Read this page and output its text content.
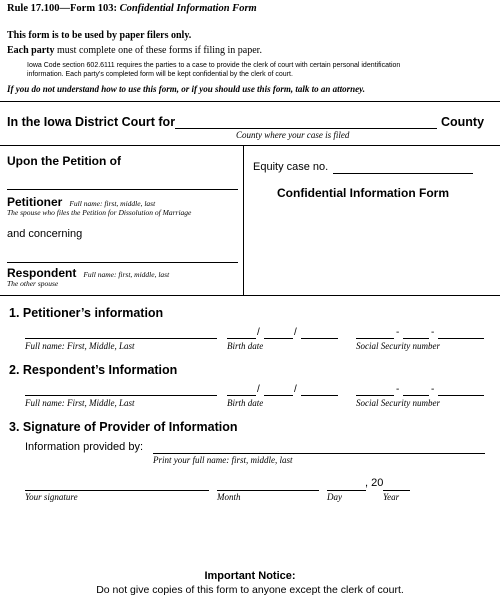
Rule 17.100—Form 103: Confidential Information Form
This form is to be used by paper filers only.
Each party must complete one of these forms if filing in paper.
Iowa Code section 602.6111 requires the parties to a case to provide the clerk of court with certain personal identification
information. Each party's completed form will be kept confidential by the clerk of court.
If you do not understand how to use this form, or if you should use this form, talk to an attorney.
In the Iowa District Court for	County
County where your case is filed
Upon the Petition of
Petitioner Full name: first, middle, last
The spouse who files the Petition for Dissolution of Marriage
and concerning
Respondent Full name: first, middle, last
The other spouse
Equity case no.
Confidential Information Form
1. Petitioner’s information
/	/	-	-
Full name: First, Middle, Last	Birth date	Social Security number
2. Respondent’s Information
/	/	-	-
Full name: First, Middle, Last	Birth date	Social Security number
3. Signature of Provider of Information
Information provided by:
Print your full name: first, middle, last
, 20
Your signature	Month	Day	Year
Important Notice:
Do not give copies of this form to anyone except the clerk of court.
